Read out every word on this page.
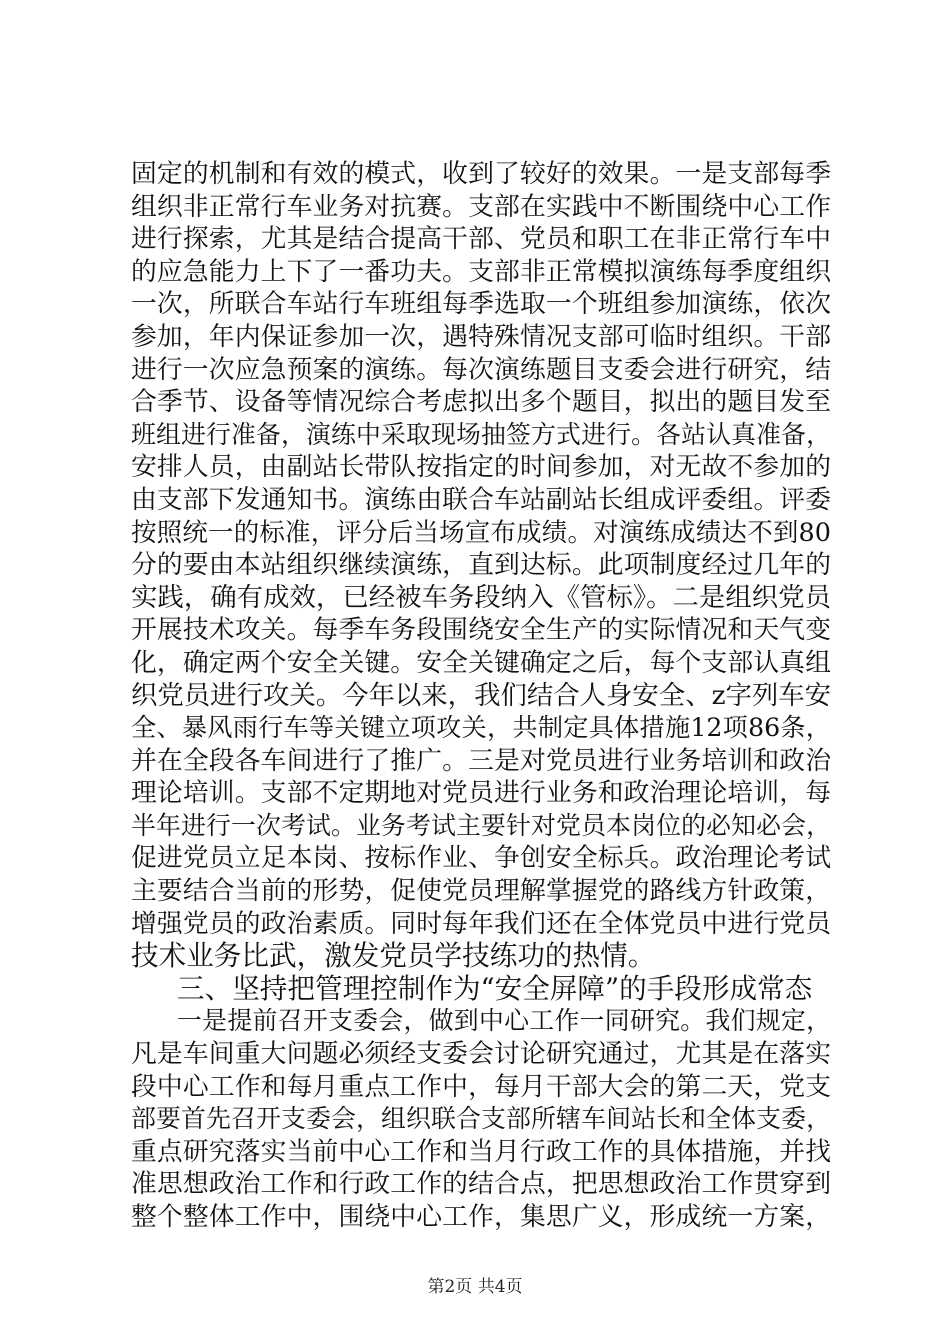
固定的机制和有效的模式，收到了较好的效果。一是支部每季
组织非正常行车业务对抗赛。支部在实践中不断围绕中心工作
进行探索，尤其是结合提高干部、党员和职工在非正常行车中
的应急能力上下了一番功夫。支部非正常模拟演练每季度组织
一次，所联合车站行车班组每季选取一个班组参加演练，依次
参加，年内保证参加一次，遇特殊情况支部可临时组织。干部
进行一次应急预案的演练。每次演练题目支委会进行研究，结
合季节、设备等情况综合考虑拟出多个题目，拟出的题目发至
班组进行准备，演练中采取现场抽签方式进行。各站认真准备，
安排人员，由副站长带队按指定的时间参加，对无故不参加的
由支部下发通知书。演练由联合车站副站长组成评委组。评委
按照统一的标准，评分后当场宣布成绩。对演练成绩达不到80
分的要由本站组织继续演练，直到达标。此项制度经过几年的
实践，确有成效，已经被车务段纳入《管标》。二是组织党员
开展技术攻关。每季车务段围绕安全生产的实际情况和天气变
化，确定两个安全关键。安全关键确定之后，每个支部认真组
织党员进行攻关。今年以来，我们结合人身安全、z字列车安
全、暴风雨行车等关键立项攻关，共制定具体措施12项86条，
并在全段各车间进行了推广。三是对党员进行业务培训和政治
理论培训。支部不定期地对党员进行业务和政治理论培训，每
半年进行一次考试。业务考试主要针对党员本岗位的必知必会，
促进党员立足本岗、按标作业、争创安全标兵。政治理论考试
主要结合当前的形势，促使党员理解掌握党的路线方针政策，
增强党员的政治素质。同时每年我们还在全体党员中进行党员
技术业务比武，激发党员学技练功的热情。
三、坚持把管理控制作为“安全屏障”的手段形成常态
一是提前召开支委会，做到中心工作一同研究。我们规定，
凡是车间重大问题必须经支委会讨论研究通过，尤其是在落实
段中心工作和每月重点工作中，每月干部大会的第二天，党支
部要首先召开支委会，组织联合支部所辖车间站长和全体支委，
重点研究落实当前中心工作和当月行政工作的具体措施，并找
准思想政治工作和行政工作的结合点，把思想政治工作贯穿到
整个整体工作中，围绕中心工作，集思广义，形成统一方案，
第2页 共4页
